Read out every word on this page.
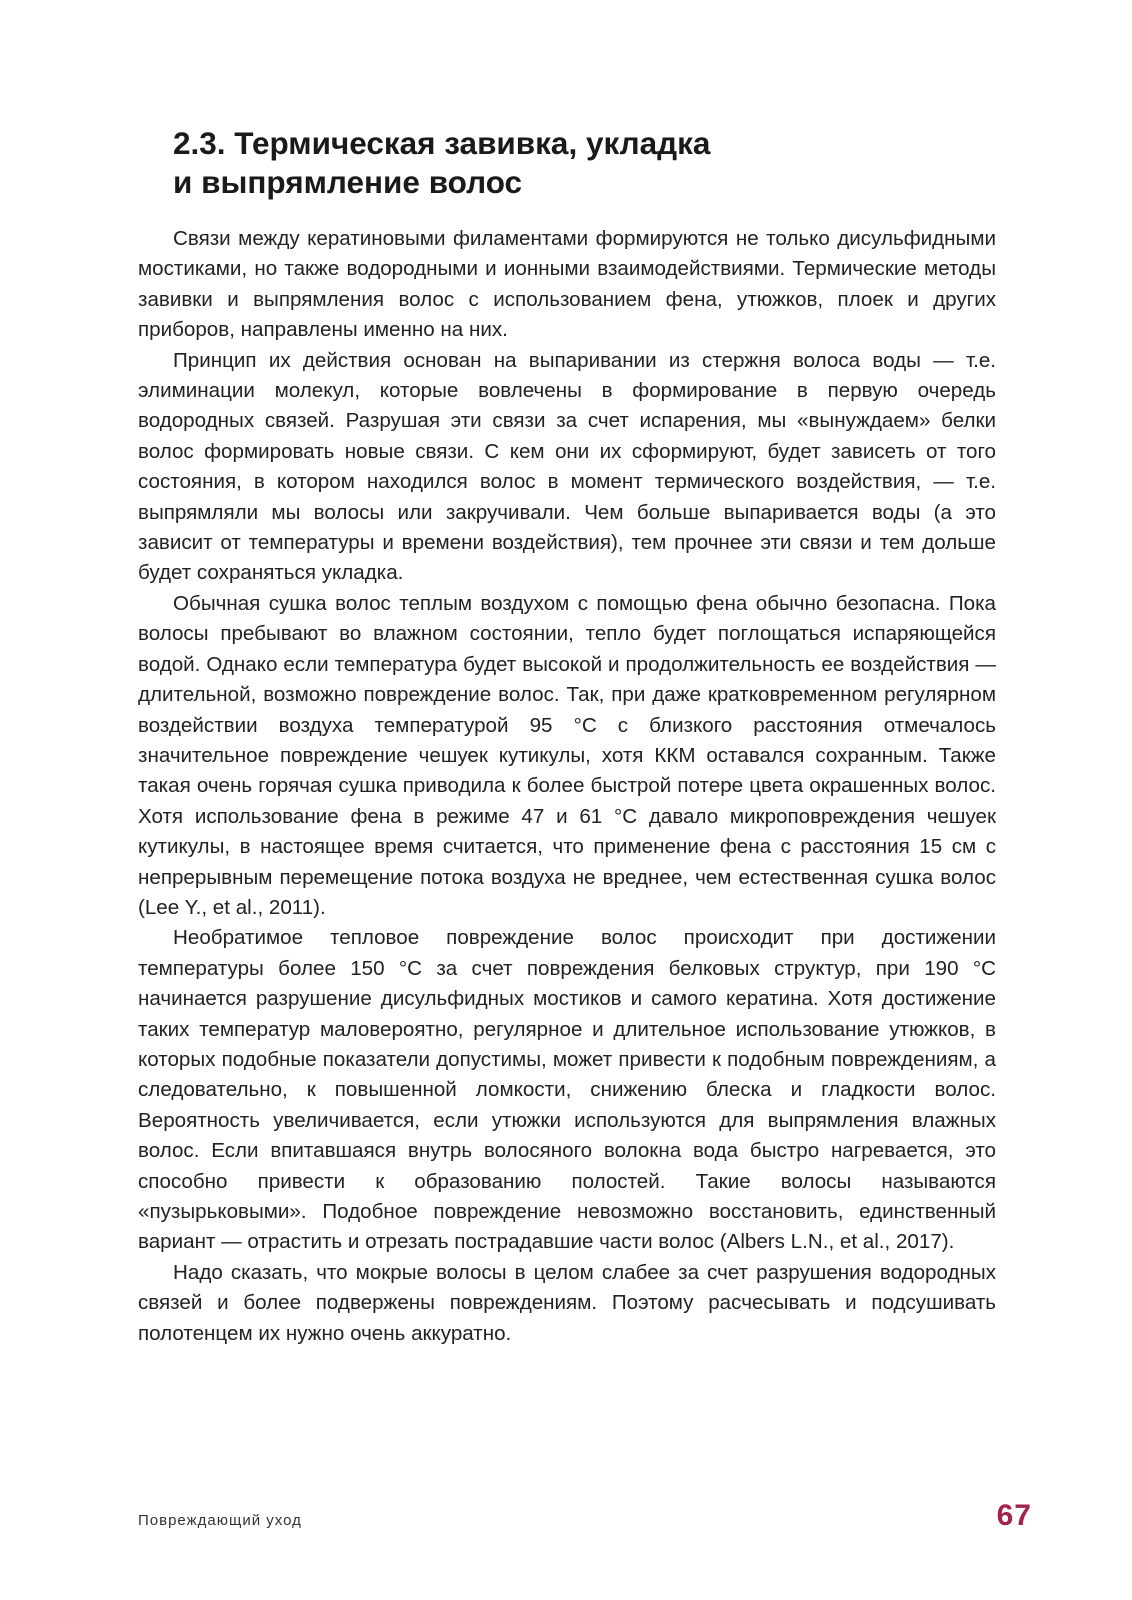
2.3. Термическая завивка, укладка
и выпрямление волос

Связи между кератиновыми филаментами формируются не только дисульфидными мостиками, но также водородными и ионными взаимодействиями. Термические методы завивки и выпрямления волос с использованием фена, утюжков, плоек и других приборов, направлены именно на них.

Принцип их действия основан на выпаривании из стержня волоса воды — т.е. элиминации молекул, которые вовлечены в формирование в первую очередь водородных связей. Разрушая эти связи за счет испарения, мы «вынуждаем» белки волос формировать новые связи. С кем они их сформируют, будет зависеть от того состояния, в котором находился волос в момент термического воздействия, — т.е. выпрямляли мы волосы или закручивали. Чем больше выпаривается воды (а это зависит от температуры и времени воздействия), тем прочнее эти связи и тем дольше будет сохраняться укладка.

Обычная сушка волос теплым воздухом с помощью фена обычно безопасна. Пока волосы пребывают во влажном состоянии, тепло будет поглощаться испаряющейся водой. Однако если температура будет высокой и продолжительность ее воздействия — длительной, возможно повреждение волос. Так, при даже кратковременном регулярном воздействии воздуха температурой 95 °С с близкого расстояния отмечалось значительное повреждение чешуек кутикулы, хотя ККМ оставался сохранным. Также такая очень горячая сушка приводила к более быстрой потере цвета окрашенных волос. Хотя использование фена в режиме 47 и 61 °С давало микроповреждения чешуек кутикулы, в настоящее время считается, что применение фена с расстояния 15 см с непрерывным перемещение потока воздуха не вреднее, чем естественная сушка волос (Lee Y., et al., 2011).

Необратимое тепловое повреждение волос происходит при достижении температуры более 150 °С за счет повреждения белковых структур, при 190 °С начинается разрушение дисульфидных мостиков и самого кератина. Хотя достижение таких температур маловероятно, регулярное и длительное использование утюжков, в которых подобные показатели допустимы, может привести к подобным повреждениям, а следовательно, к повышенной ломкости, снижению блеска и гладкости волос. Вероятность увеличивается, если утюжки используются для выпрямления влажных волос. Если впитавшаяся внутрь волосяного волокна вода быстро нагревается, это способно привести к образованию полостей. Такие волосы называются «пузырьковыми». Подобное повреждение невозможно восстановить, единственный вариант — отрастить и отрезать пострадавшие части волос (Albers L.N., et al., 2017).

Надо сказать, что мокрые волосы в целом слабее за счет разрушения водородных связей и более подвержены повреждениям. Поэтому расчесывать и подсушивать полотенцем их нужно очень аккуратно.

Повреждающий уход	67
